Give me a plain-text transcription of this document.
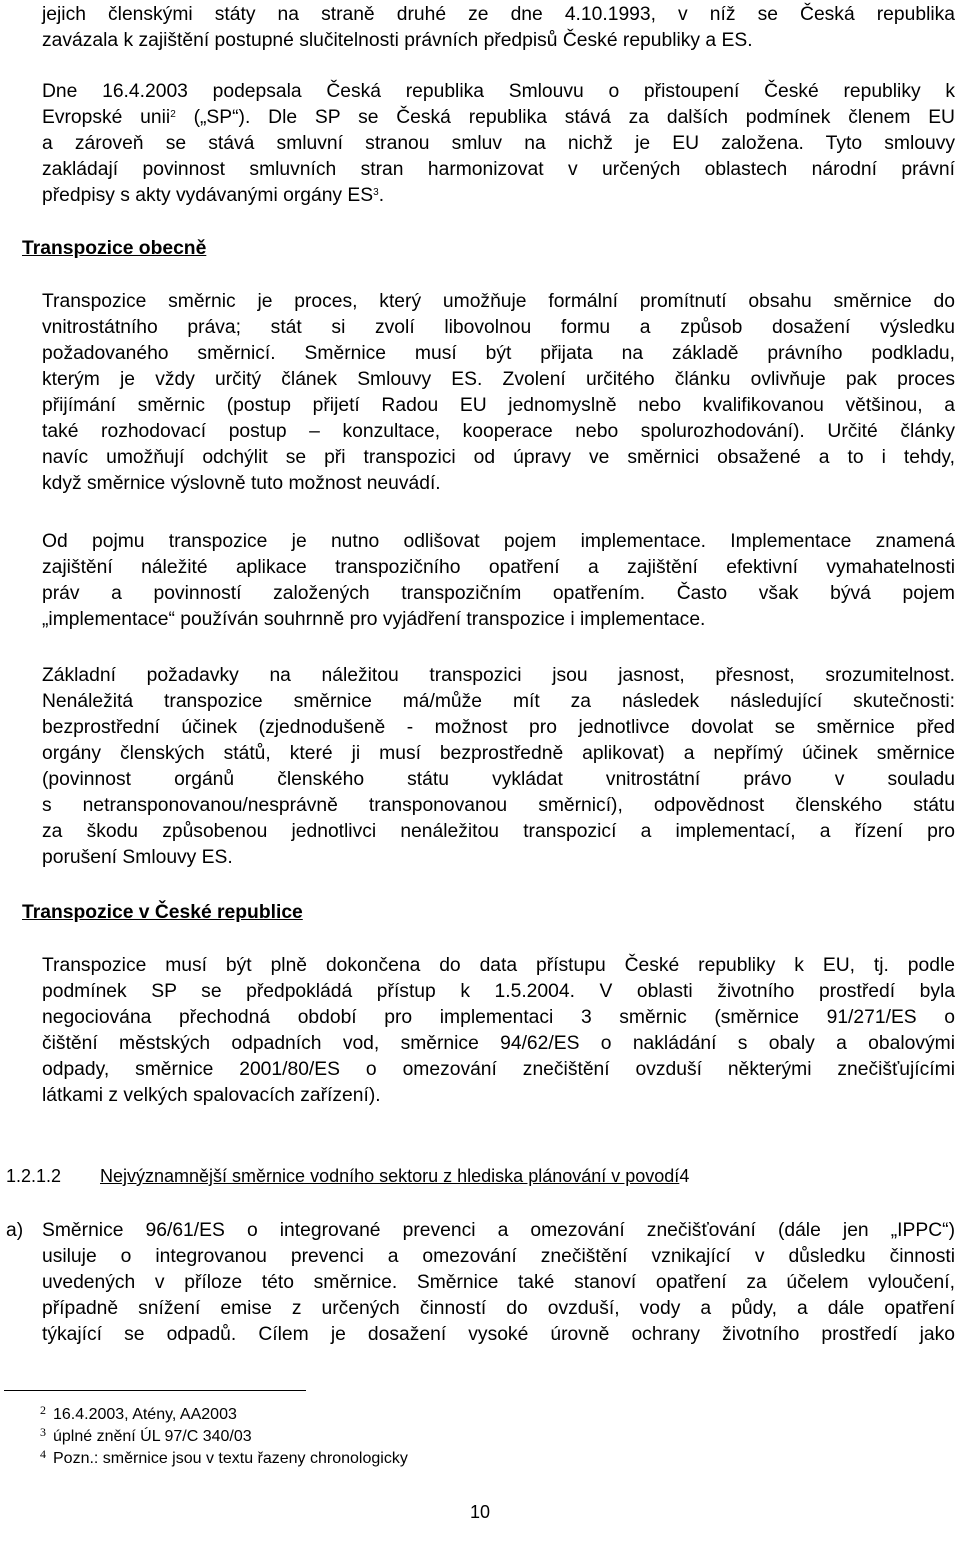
jejich členskými státy na straně druhé ze dne 4.10.1993, v níž se Česká republika
zavázala k zajištění postupné slučitelnosti právních předpisů České republiky a ES.
Dne 16.4.2003 podepsala Česká republika Smlouvu o přistoupení České republiky k
Evropské unii$^2$ („SP“). Dle SP se Česká republika stává za dalších podmínek členem EU
a zároveň se stává smluvní stranou smluv na nichž je EU založena. Tyto smlouvy
zakládají povinnost smluvních stran harmonizovat v určených oblastech národní právní
předpisy s akty vydávanými orgány $ES^3$.
Transpozice obecně
Transpozice směrnic je proces, který umožňuje formální promítnutí obsahu směrnice do
vnitrostátního práva; stát si zvolí libovolnou formu a způsob dosažení výsledku
požadovaného směrnicí. Směrnice musí být přijata na základě právního podkladu,
kterým je vždy určitý článek Smlouvy ES. Zvolení určitého článku ovlivňuje pak proces
přijímání směrnic (postup přijetí Radou EU jednomyslně nebo kvalifikovanou většinou, a
také rozhodovací postup – konzultace, kooperace nebo spolurozhodování). Určité články
navíc umožňují odchýlit se při transpozici od úpravy ve směrnici obsažené a to i tehdy,
když směrnice výslovně tuto možnost neuvádí.
Od pojmu transpozice je nutno odlišovat pojem implementace. Implementace znamená
zajištění náležité aplikace transpozičního opatření a zajištění efektivní vymahatelnosti
práv a povinností založených transpozičním opatřením. Často však bývá pojem
„implementace“ používán souhrnně pro vyjádření transpozice i implementace.
Základní požadavky na náležitou transpozici jsou jasnost, přesnost, srozumitelnost.
Nenáležitá transpozice směrnice má/může mít za následek následující skutečnosti:
bezprostřední účinek (zjednodušeně - možnost pro jednotlivce dovolat se směrnice před
orgány členských států, které ji musí bezprostředně aplikovat) a nepřímý účinek směrnice
(povinnost orgánů členského státu vykládat vnitrostátní právo v souladu
s netransponovanou/nesprávně transponovanou směrnicí), odpovědnost členského státu
za škodu způsobenou jednotlivci nenáležitou transpozicí a implementací, a řízení pro
porušení Smlouvy ES.
Transpozice v České republice
Transpozice musí být plně dokončena do data přístupu České republiky k EU, tj. podle
podmínek SP se předpokládá přístup k 1.5.2004. V oblasti životního prostředí byla
negociována přechodná období pro implementaci 3 směrnic (směrnice 91/271/ES o
čištění městských odpadních vod, směrnice 94/62/ES o nakládání s obaly a obalovými
odpady, směrnice 2001/80/ES o omezování znečištění ovzduší některými znečišťujícími
látkami z velkých spalovacích zařízení).
1.2.1.2 Nejvýznamnější směrnice vodního sektoru z hlediska plánování v povodí4
a) Směrnice 96/61/ES o integrované prevenci a omezování znečišťování (dále jen „IPPC“)
usiluje o integrovanou prevenci a omezování znečištění vznikající v důsledku činnosti
uvedených v příloze této směrnice. Směrnice také stanoví opatření za účelem vyloučení,
případně snížení emise z určených činností do ovzduší, vody a půdy, a dále opatření
týkající se odpadů. Cílem je dosažení vysoké úrovně ochrany životního prostředí jako
2 16.4.2003, Atény, AA2003
3 úplné znění ÚL 97/C 340/03
4 Pozn.: směrnice jsou v textu řazeny chronologicky
10
